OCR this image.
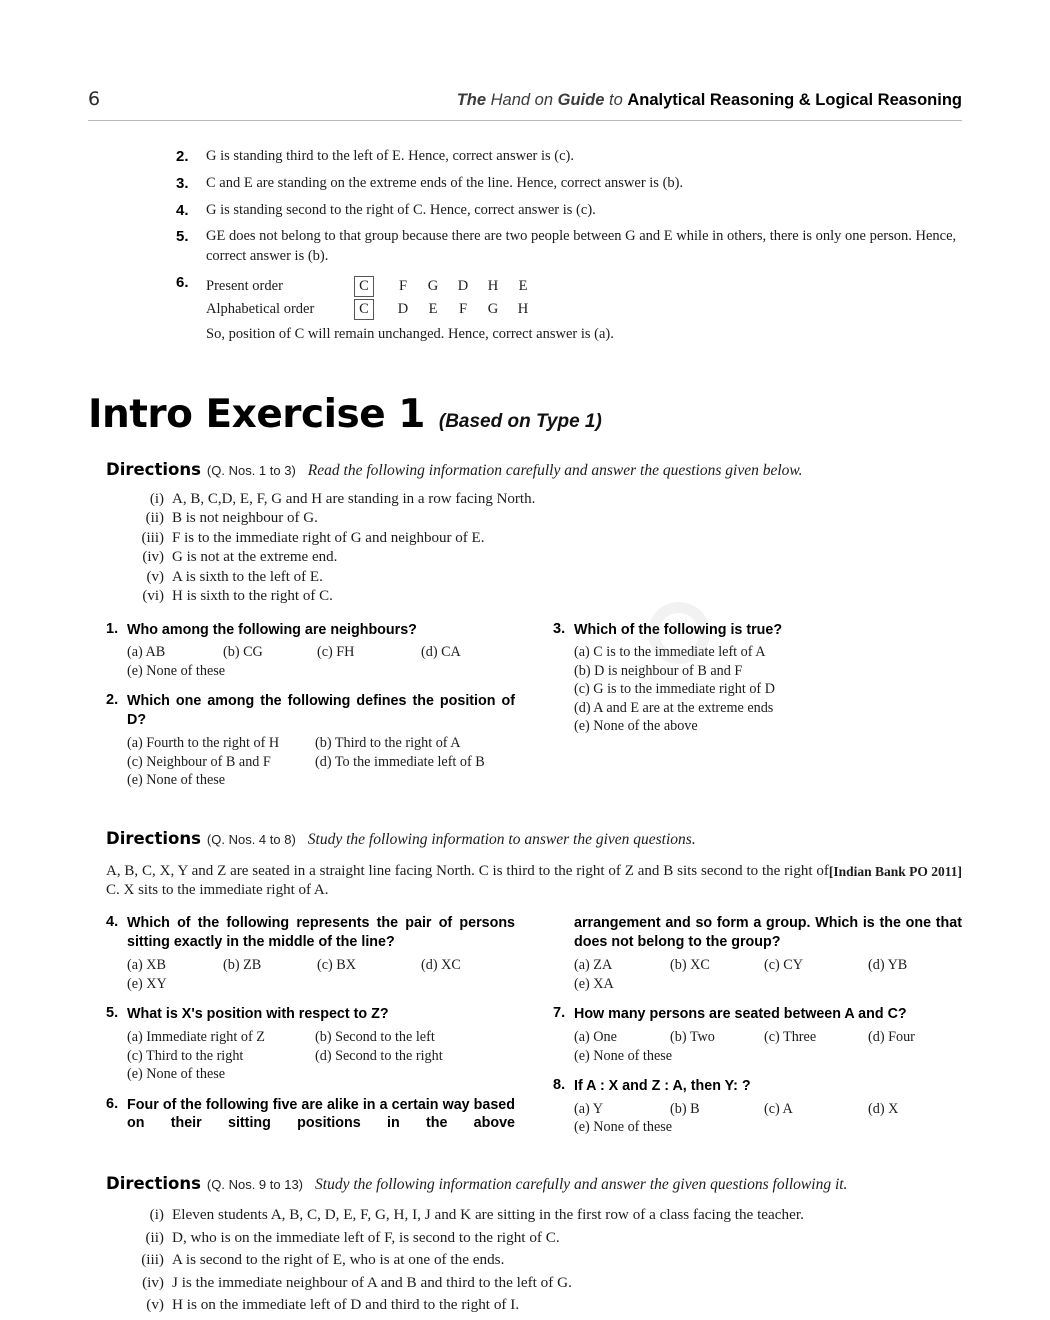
6	The Hand on Guide to Analytical Reasoning & Logical Reasoning
2.	G is standing third to the left of E. Hence, correct answer is (c).
3.	C and E are standing on the extreme ends of the line. Hence, correct answer is (b).
4.	G is standing second to the right of C. Hence, correct answer is (c).
5.	GE does not belong to that group because there are two people between G and E while in others, there is only one person. Hence, correct answer is (b).
6.	Present order	C	F	G	D	H	E
Alphabetical order	C	D	E	F	G	H
So, position of C will remain unchanged. Hence, correct answer is (a).
Intro Exercise 1 (Based on Type 1)
Directions (Q. Nos. 1 to 3) Read the following information carefully and answer the questions given below.
(i) A, B, C,D, E, F, G and H are standing in a row facing North.
(ii) B is not neighbour of G.
(iii) F is to the immediate right of G and neighbour of E.
(iv) G is not at the extreme end.
(v) A is sixth to the left of E.
(vi) H is sixth to the right of C.
1. Who among the following are neighbours?
(a) AB	(b) CG	(c) FH	(d) CA
(e) None of these
2. Which one among the following defines the position of D?
(a) Fourth to the right of H	(b) Third to the right of A
(c) Neighbour of B and F	(d) To the immediate left of B
(e) None of these
3. Which of the following is true?
(a) C is to the immediate left of A
(b) D is neighbour of B and F
(c) G is to the immediate right of D
(d) A and E are at the extreme ends
(e) None of the above
Directions (Q. Nos. 4 to 8) Study the following information to answer the given questions.
[Indian Bank PO 2011]
A, B, C, X, Y and Z are seated in a straight line facing North. C is third to the right of Z and B sits second to the right of C. X sits to the immediate right of A.
4. Which of the following represents the pair of persons sitting exactly in the middle of the line?
(a) XB	(b) ZB	(c) BX	(d) XC
(e) XY
5. What is X's position with respect to Z?
(a) Immediate right of Z	(b) Second to the left
(c) Third to the right	(d) Second to the right
(e) None of these
6. Four of the following five are alike in a certain way based on their sitting positions in the above
arrangement and so form a group. Which is the one that does not belong to the group?
(a) ZA	(b) XC	(c) CY	(d) YB
(e) XA
7. How many persons are seated between A and C?
(a) One	(b) Two	(c) Three	(d) Four
(e) None of these
8. If A : X and Z : A, then Y: ?
(a) Y	(b) B	(c) A	(d) X
(e) None of these
Directions (Q. Nos. 9 to 13) Study the following information carefully and answer the given questions following it.
(i) Eleven students A, B, C, D, E, F, G, H, I, J and K are sitting in the first row of a class facing the teacher.
(ii) D, who is on the immediate left of F, is second to the right of C.
(iii) A is second to the right of E, who is at one of the ends.
(iv) J is the immediate neighbour of A and B and third to the left of G.
(v) H is on the immediate left of D and third to the right of I.
